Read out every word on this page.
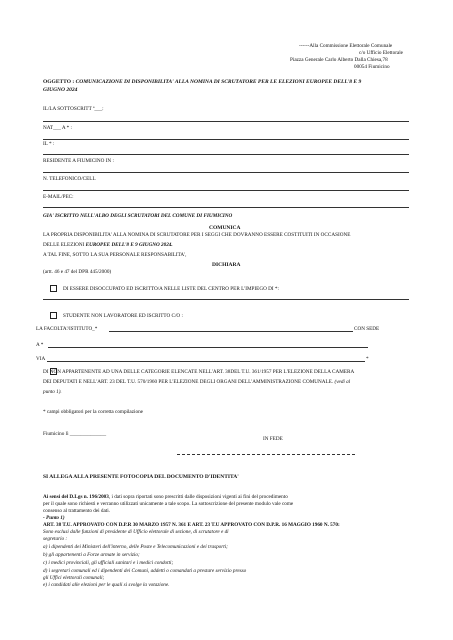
------Alla Commissione Elettorale Comunale
c/o Ufficio Elettorale
Piazza Generale Carlo Alberto Dalla Chiesa,78
00054 Fiumicino
OGGETTO : COMUNICAZIONE DI DISPONIBILITA' ALLA NOMINA DI SCRUTATORE PER LE ELEZIONI EUROPEE DELL'8 E 9
GIUGNO 2024
IL/LA SOTTOSCRITT ª___:
NAT___ A * :
IL * :
RESIDENTE A FIUMICINO IN :
N. TELEFONICO/CELL
E-MAIL/PEC:
GIA' ISCRITTO NELL'ALBO DEGLI SCRUTATORI DEL COMUNE DI FIUMICINO
COMUNICA
LA PROPRIA DISPONIBILITA' ALLA NOMINA DI SCRUTATORE PER I SEGGI CHE DOVRANNO ESSERE COSTITUITI IN OCCASIONE
DELLE ELEZIONI EUROPEE DELL'8 E 9 GIUGNO 2024.
A TAL FINE, SOTTO LA SUA PERSONALE RESPONSABILITA',
DICHIARA
(artt. 46 e 47 del DPR 445/2000)
DI ESSERE DISOCCUPATO ED ISCRITTO/A NELLE LISTE DEL CENTRO PER L'IMPIEGO DI *:
STUDENTE NON LAVORATORE ED ISCRITTO C/O :
LA FACOLTA'/ISTITUTO_*	CON SEDE
A *
VIA	*
DI NON APPARTENENTE AD UNA DELLE CATEGORIE ELENCATE NELL'ART. 38DEL T.U. 361/1957 PER L'ELEZIONE DELLA CAMERA
DEI DEPUTATI E NELL'ART. 23 DEL T.U. 570/1960 PER L'ELEZIONE DEGLI ORGANI DELL'AMMINISTRAZIONE COMUNALE. (vedi al
punto 1).
* campi obbligatori per la corretta compilazione
Fiumicino lì ______________
IN FEDE
SI ALLEGA ALLA PRESENTE FOTOCOPIA DEL DOCUMENTO D'IDENTITA'
Ai sensi del D.Lgs n. 196/2003, i dati sopra riportati sono prescritti dalle disposizioni vigenti ai fini del procedimento
per il quale sono richiesti e verranno utilizzati unicamente a tale scopo. La sottoscrizione del presente modulo vale come
consenso al trattamento dei dati.
- Punto 1)
ART. 38 T.U. APPROVATO CON D.P.R 30 MARZO 1957 N. 361 E ART. 23 T.U APPROVATO CON D.P.R. 16 MAGGIO 1960 N. 570:
Sono esclusi dalle funzioni di presidente di Ufficio elettorale di sezione, di scrutatore e di
segretario :
a) i dipendenti dei Ministeri dell'interno, delle Poste e Telecomunicazioni e dei trasporti;
b) gli appartenenti a Forze armate in servizio;
c) i medici provinciali, gli ufficiali sanitari e i medici condotti;
d) i segretari comunali ed i dipendenti dei Comuni, addetti o comandati a prestare servizio presso
gli Uffici elettorali comunali;
e) i candidati alle elezioni per le quali si svolge la votazione.
